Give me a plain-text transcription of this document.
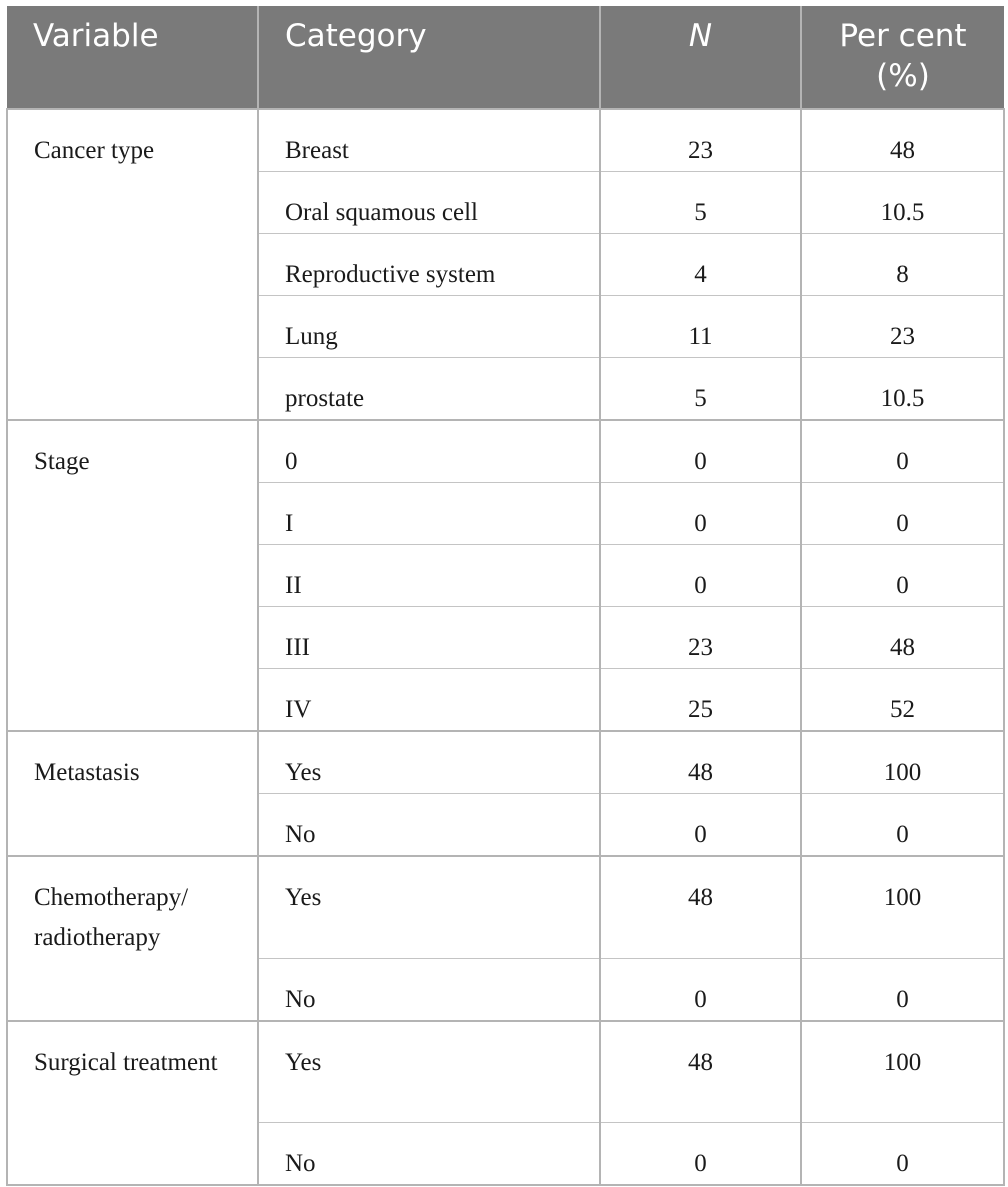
Variable	Category	N	Per cent (%)
Cancer type	Breast	23	48
	Oral squamous cell	5	10.5
	Reproductive system	4	8
	Lung	11	23
	prostate	5	10.5
Stage	0	0	0
	I	0	0
	II	0	0
	III	23	48
	IV	25	52
Metastasis	Yes	48	100
	No	0	0
Chemotherapy/ radiotherapy	Yes	48	100
	No	0	0
Surgical treatment	Yes	48	100
	No	0	0
